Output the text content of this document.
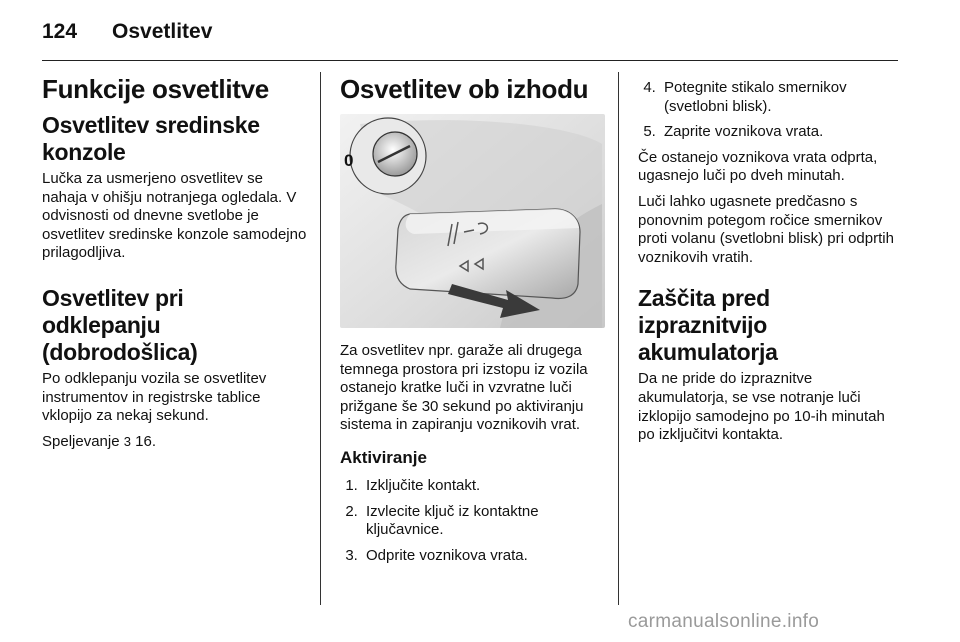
124 Osvetlitev
Funkcije osvetlitve
Osvetlitev sredinske konzole

Lučka za usmerjeno osvetlitev se nahaja v ohišju notranjega ogledala. V odvisnosti od dnevne svetlobe je osvetlitev sredinske konzole samodejno prilagodljiva.

Osvetlitev pri odklepanju (dobrodošlica)

Po odklepanju vozila se osvetlitev instrumentov in registrske tablice vklopijo za nekaj sekund.

Speljevanje 3 16.

Osvetlitev ob izhodu
0

Za osvetlitev npr. garaže ali drugega temnega prostora pri izstopu iz vozila ostanejo kratke luči in vzvratne luči prižgane še 30 sekund po aktiviranju sistema in zapiranju voznikovih vrat.

Aktiviranje
1. Izključite kontakt.
2. Izvlecite ključ iz kontaktne ključavnice.
3. Odprite voznikova vrata.
4. Potegnite stikalo smernikov (svetlobni blisk).
5. Zaprite voznikova vrata.

Če ostanejo voznikova vrata odprta, ugasnejo luči po dveh minutah.

Luči lahko ugasnete predčasno s ponovnim potegom ročice smernikov proti volanu (svetlobni blisk) pri odprtih voznikovih vratih.

Zaščita pred izpraznitvijo akumulatorja

Da ne pride do izpraznitve akumulatorja, se vse notranje luči izklopijo samodejno po 10-ih minutah po izključitvi kontakta.

carmanualsonline.info
